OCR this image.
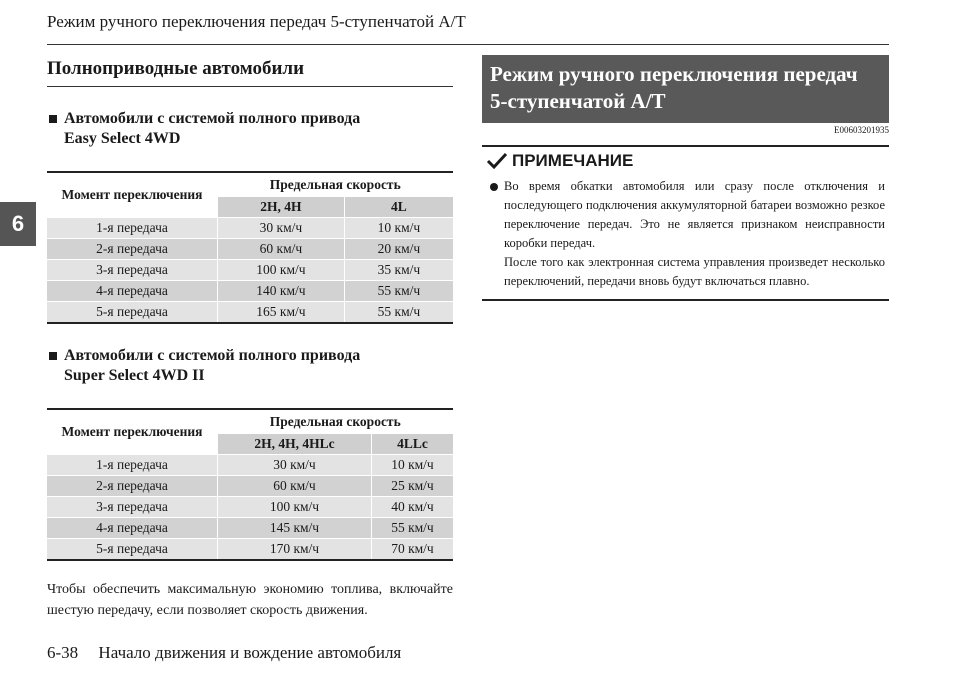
Режим ручного переключения передач 5-ступенчатой А/Т
6
Полноприводные автомобили
Автомобили с системой полного привода
Easy Select 4WD
Момент переключения	Предельная скорость	
	2H, 4H	4L
1-я передача	30 км/ч	10 км/ч
2-я передача	60 км/ч	20 км/ч
3-я передача	100 км/ч	35 км/ч
4-я передача	140 км/ч	55 км/ч
5-я передача	165 км/ч	55 км/ч
Автомобили с системой полного привода
Super Select 4WD II
Момент переключения	Предельная скорость	
	2H, 4H, 4HLc	4LLc
1-я передача	30 км/ч	10 км/ч
2-я передача	60 км/ч	25 км/ч
3-я передача	100 км/ч	40 км/ч
4-я передача	145 км/ч	55 км/ч
5-я передача	170 км/ч	70 км/ч
Чтобы обеспечить максимальную экономию топлива, включайте шестую передачу, если позволяет скорость движения.
Режим ручного переключения передач
5-ступенчатой А/Т
E00603201935
ПРИМЕЧАНИЕ

Во время обкатки автомобиля или сразу после отключения и последующего подключения аккумуляторной батареи возможно резкое переключение передач. Это не является признаком неисправности коробки передач.

После того как электронная система управления произведет несколько переключений, передачи вновь будут включаться плавно.

6-38 Начало движения и вождение автомобиля
